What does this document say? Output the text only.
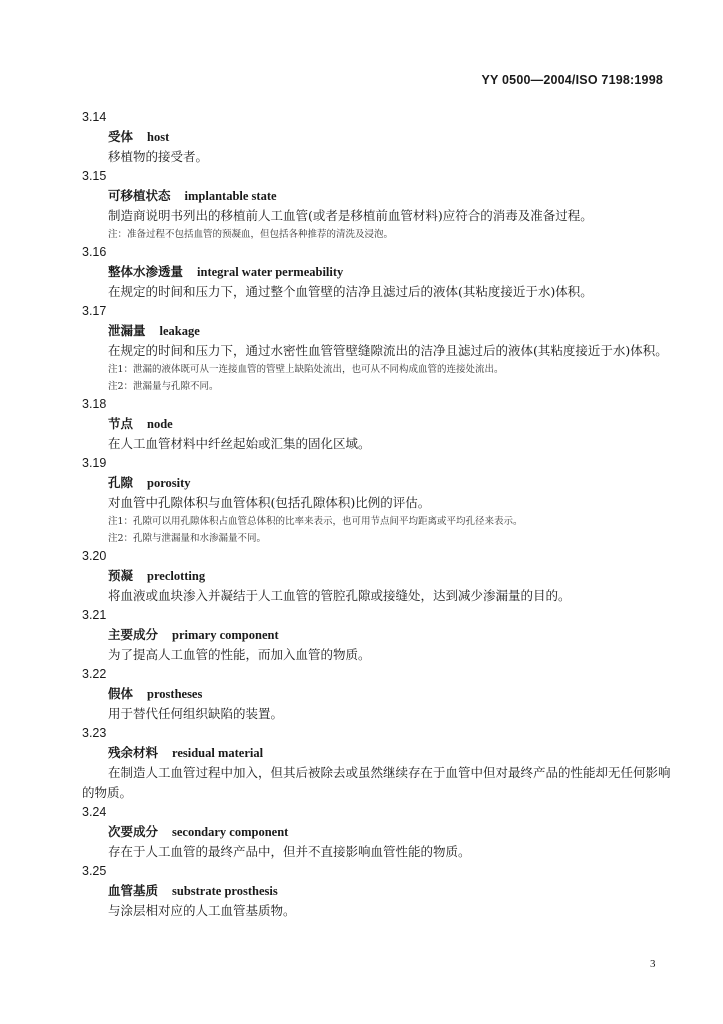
YY 0500—2004/ISO 7198:1998
3.14
受体 host
移植物的接受者。
3.15
可移植状态 implantable state
制造商说明书列出的移植前人工血管(或者是移植前血管材料)应符合的消毒及准备过程。
注：准备过程不包括血管的预凝血，但包括各种推荐的清洗及浸泡。
3.16
整体水渗透量 integral water permeability
在规定的时间和压力下，通过整个血管壁的洁净且滤过后的液体(其粘度接近于水)体积。
3.17
泄漏量 leakage
在规定的时间和压力下，通过水密性血管管壁缝隙流出的洁净且滤过后的液体(其粘度接近于水)体积。
注1：泄漏的液体既可从一连接血管的管壁上缺陷处流出，也可从不同构成血管的连接处流出。
注2：泄漏量与孔隙不同。
3.18
节点 node
在人工血管材料中纤丝起始或汇集的固化区域。
3.19
孔隙 porosity
对血管中孔隙体积与血管体积(包括孔隙体积)比例的评估。
注1：孔隙可以用孔隙体积占血管总体积的比率来表示，也可用节点间平均距离或平均孔径来表示。
注2：孔隙与泄漏量和水渗漏量不同。
3.20
预凝 preclotting
将血液或血块渗入并凝结于人工血管的管腔孔隙或接缝处，达到减少渗漏量的目的。
3.21
主要成分 primary component
为了提高人工血管的性能，而加入血管的物质。
3.22
假体 prostheses
用于替代任何组织缺陷的装置。
3.23
残余材料 residual material
在制造人工血管过程中加入，但其后被除去或虽然继续存在于血管中但对最终产品的性能却无任何影响的物质。
3.24
次要成分 secondary component
存在于人工血管的最终产品中，但并不直接影响血管性能的物质。
3.25
血管基质 substrate prosthesis
与涂层相对应的人工血管基质物。
3
